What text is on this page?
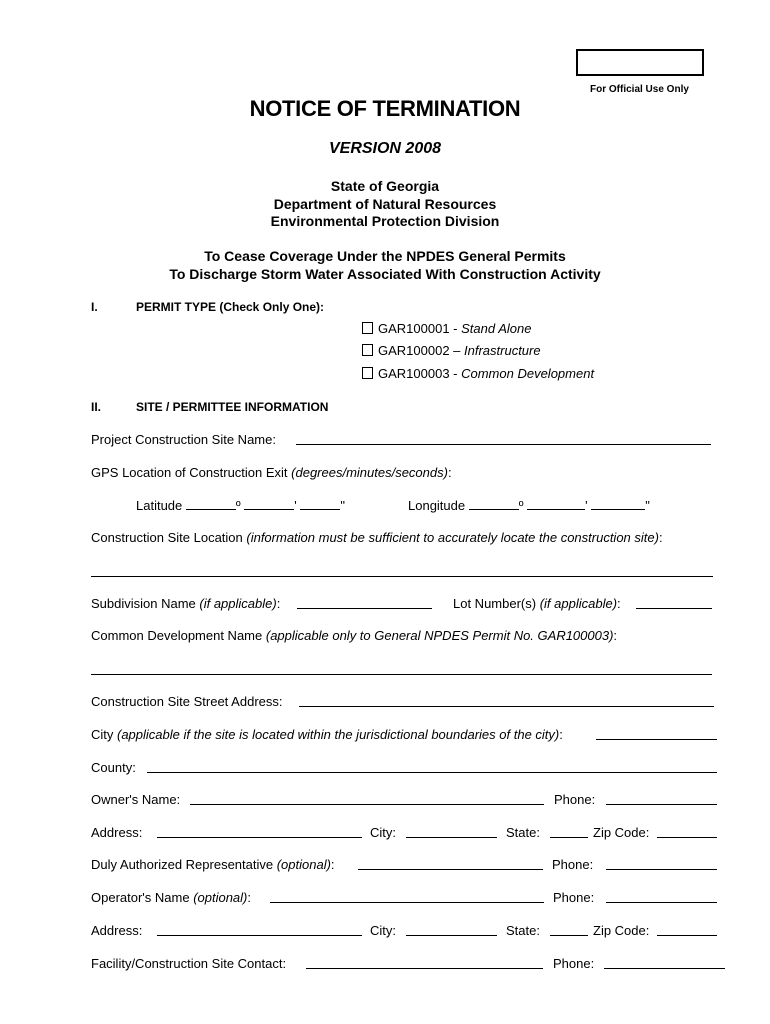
For Official Use Only
NOTICE OF TERMINATION
VERSION 2008
State of Georgia
Department of Natural Resources
Environmental Protection Division
To Cease Coverage Under the NPDES General Permits
To Discharge Storm Water Associated With Construction Activity
I.	PERMIT TYPE (Check Only One):
GAR100001 - Stand Alone
GAR100002 – Infrastructure
GAR100003 - Common Development
II.	SITE / PERMITTEE INFORMATION
Project Construction Site Name:
GPS Location of Construction Exit (degrees/minutes/seconds):
Latitude	º	'	"	Longitude	º	'	"
Construction Site Location (information must be sufficient to accurately locate the construction site):
Subdivision Name (if applicable):	Lot Number(s) (if applicable):
Common Development Name (applicable only to General NPDES Permit No. GAR100003):
Construction Site Street Address:
City (applicable if the site is located within the jurisdictional boundaries of the city):
County:
Owner's Name:	Phone:
Address:	City:	State:	Zip Code:
Duly Authorized Representative (optional):	Phone:
Operator's Name (optional):	Phone:
Address:	City:	State:	Zip Code:
Facility/Construction Site Contact:	Phone:
